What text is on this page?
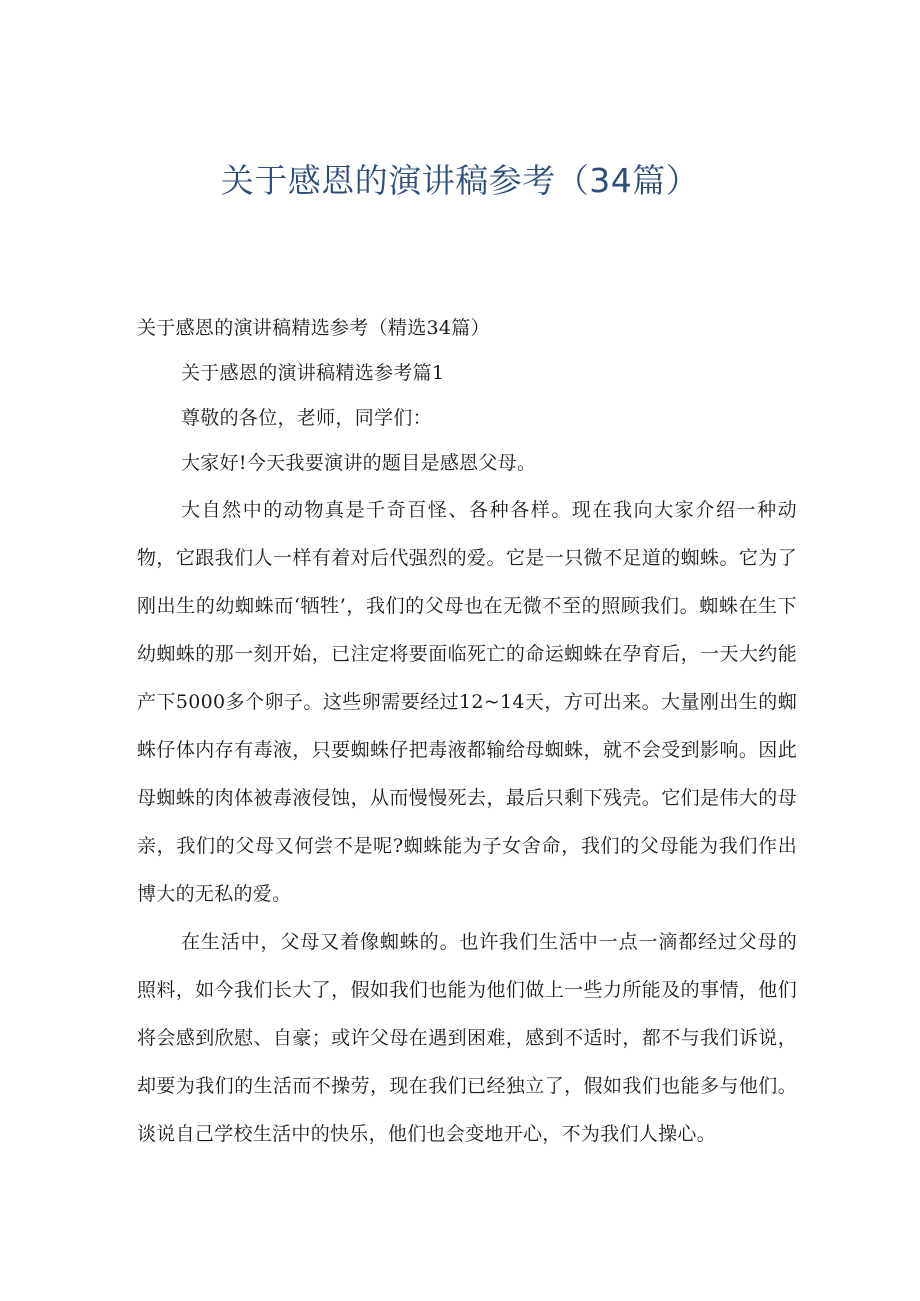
关于感恩的演讲稿参考（34篇）

关于感恩的演讲稿精选参考（精选34篇）

关于感恩的演讲稿精选参考篇1

尊敬的各位，老师，同学们：

大家好!今天我要演讲的题目是感恩父母。

大自然中的动物真是千奇百怪、各种各样。现在我向大家介绍一种动物，它跟我们人一样有着对后代强烈的爱。它是一只微不足道的蜘蛛。它为了刚出生的幼蜘蛛而‘牺牲’，我们的父母也在无微不至的照顾我们。蜘蛛在生下幼蜘蛛的那一刻开始，已注定将要面临死亡的命运蜘蛛在孕育后，一天大约能产下5000多个卵子。这些卵需要经过12~14天，方可出来。大量刚出生的蜘蛛仔体内存有毒液，只要蜘蛛仔把毒液都输给母蜘蛛，就不会受到影响。因此母蜘蛛的肉体被毒液侵蚀，从而慢慢死去，最后只剩下残壳。它们是伟大的母亲，我们的父母又何尝不是呢?蜘蛛能为子女舍命，我们的父母能为我们作出博大的无私的爱。

在生活中，父母又着像蜘蛛的。也许我们生活中一点一滴都经过父母的照料，如今我们长大了，假如我们也能为他们做上一些力所能及的事情，他们将会感到欣慰、自豪；或许父母在遇到困难，感到不适时，都不与我们诉说，却要为我们的生活而不操劳，现在我们已经独立了，假如我们也能多与他们。谈说自己学校生活中的快乐，他们也会变地开心，不为我们人操心。
